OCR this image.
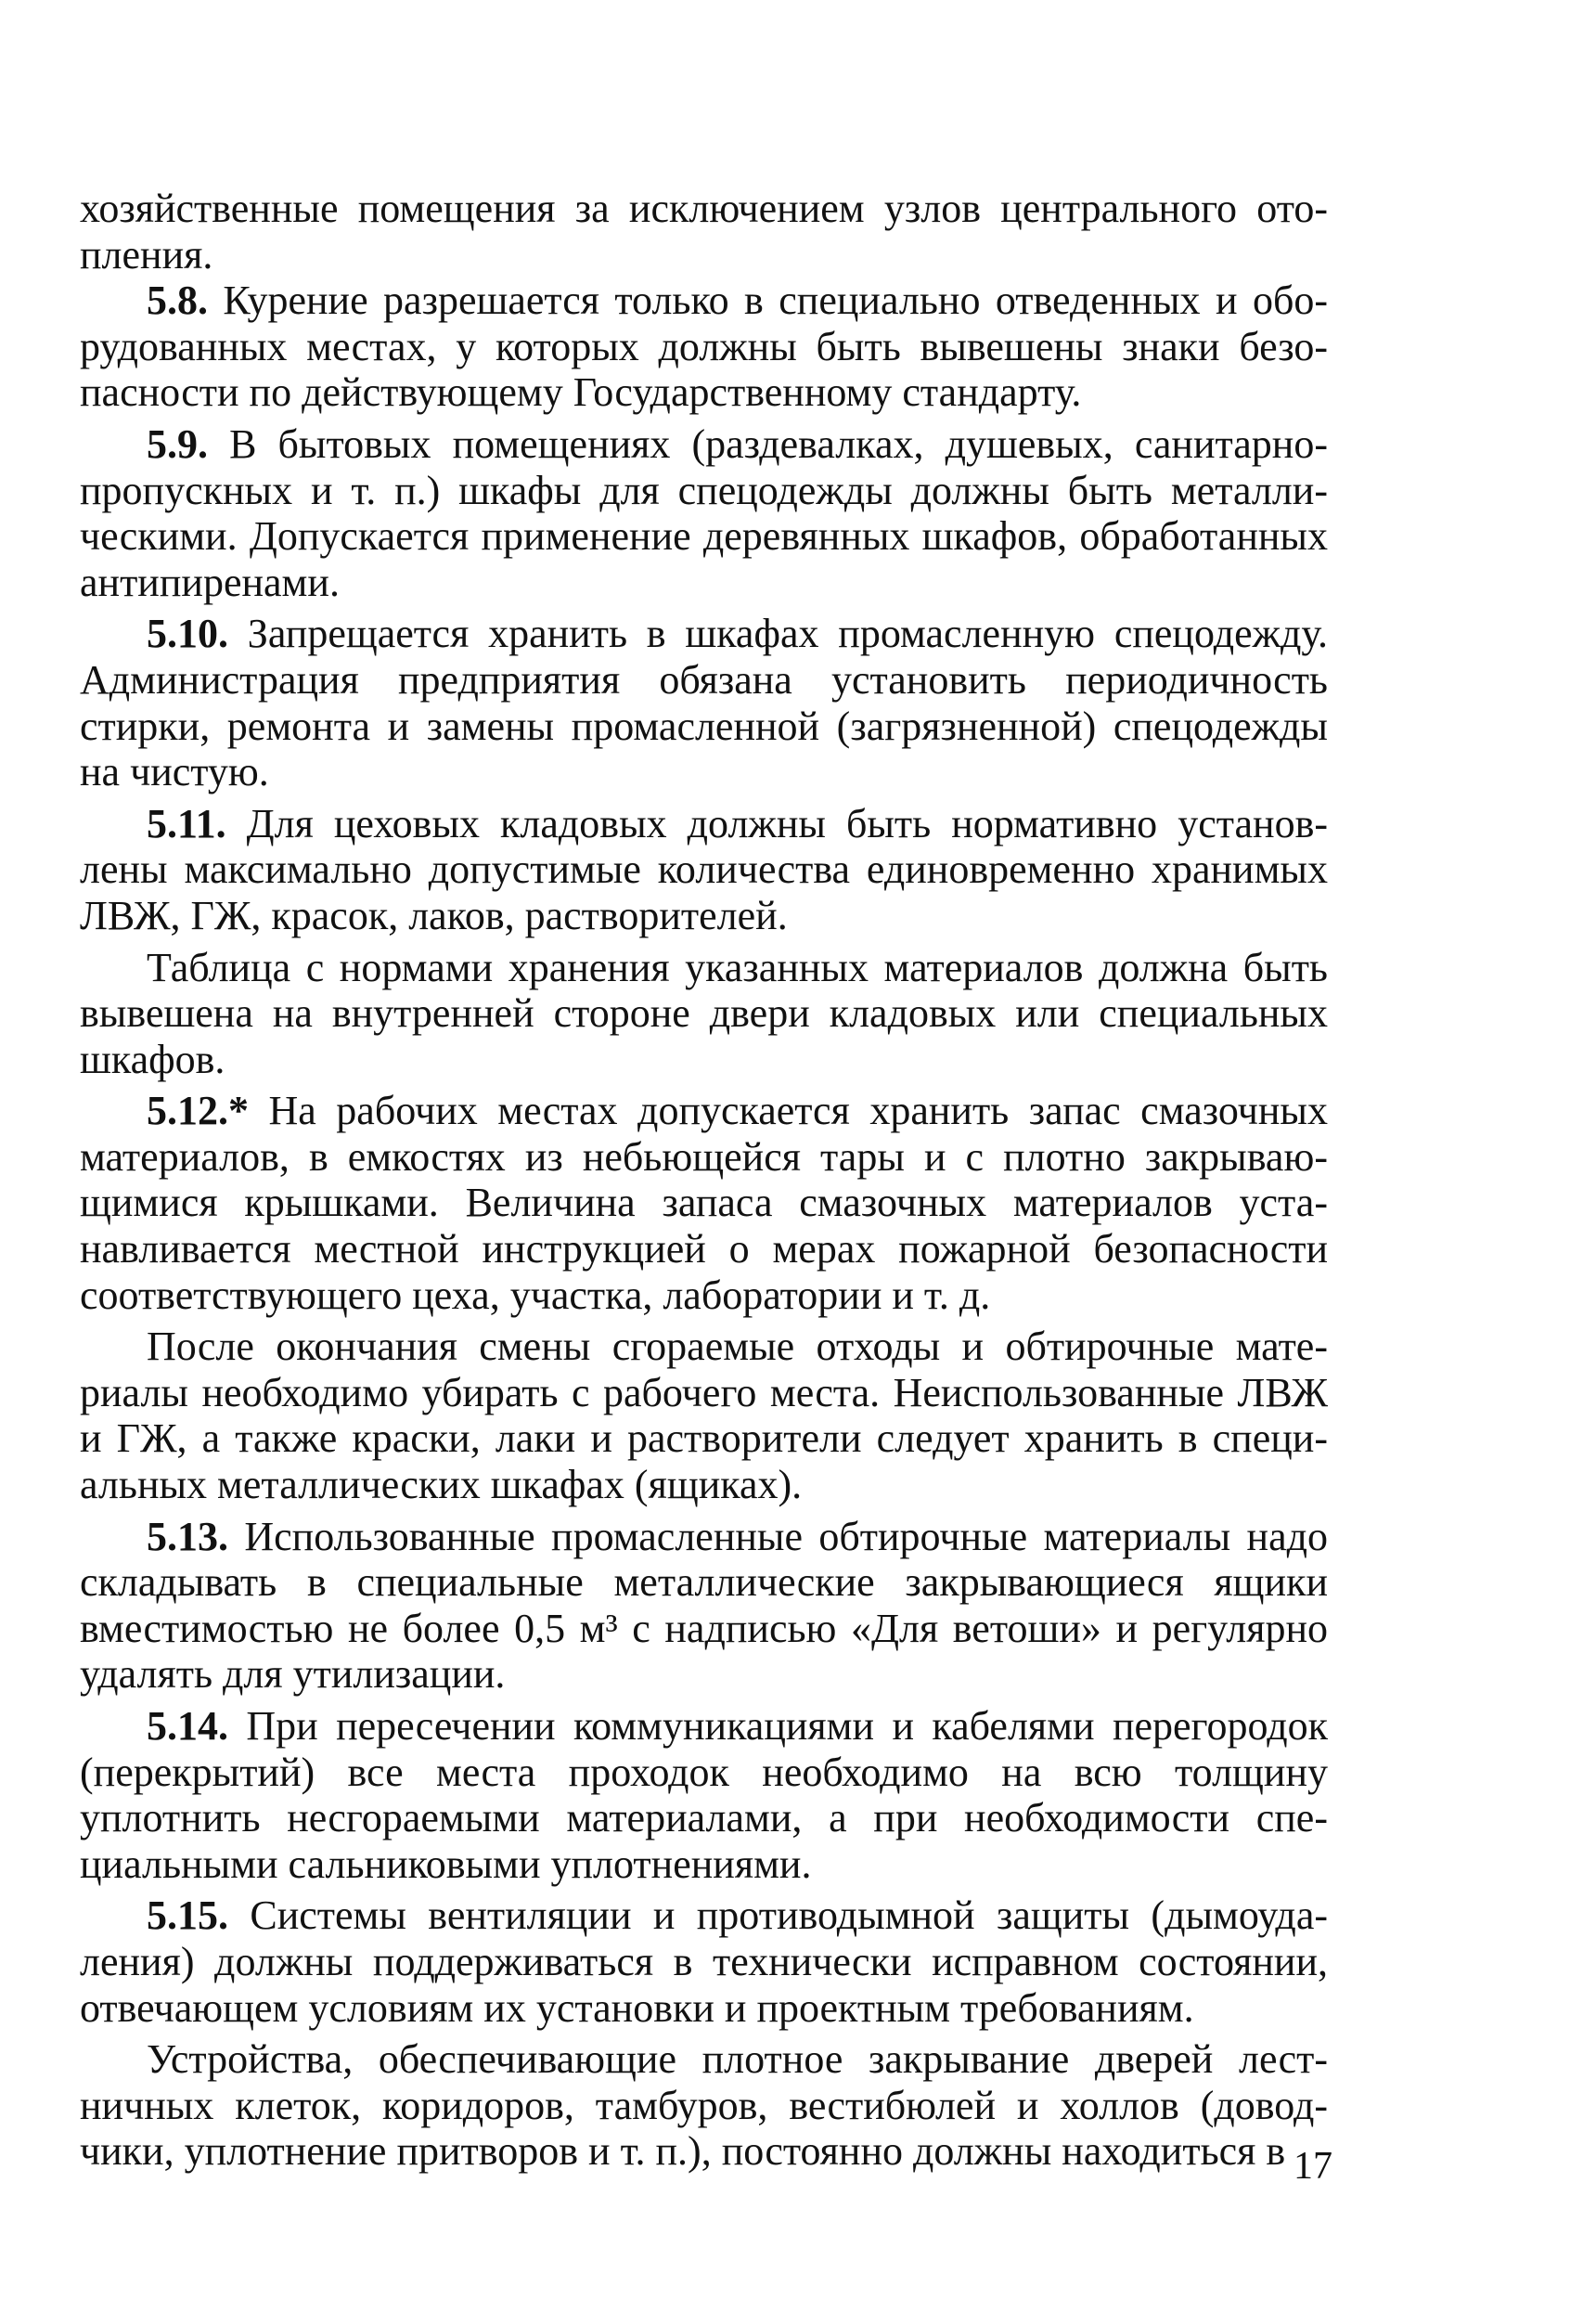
хозяйственные помещения за исключением узлов центрального отопления.

5.8. Курение разрешается только в специально отведенных и оборудованных местах, у которых должны быть вывешены знаки безопасности по действующему Государственному стандарту.

5.9. В бытовых помещениях (раздевалках, душевых, санитарно-пропускных и т. п.) шкафы для спецодежды должны быть металлическими. Допускается применение деревянных шкафов, обработанных антипиренами.

5.10. Запрещается хранить в шкафах промасленную спецодежду. Администрация предприятия обязана установить периодичность стирки, ремонта и замены промасленной (загрязненной) спецодежды на чистую.

5.11. Для цеховых кладовых должны быть нормативно установлены максимально допустимые количества единовременно хранимых ЛВЖ, ГЖ, красок, лаков, растворителей.

Таблица с нормами хранения указанных материалов должна быть вывешена на внутренней стороне двери кладовых или специальных шкафов.

5.12.* На рабочих местах допускается хранить запас смазочных материалов, в емкостях из небьющейся тары и с плотно закрывающимися крышками. Величина запаса смазочных материалов устанавливается местной инструкцией о мерах пожарной безопасности соответствующего цеха, участка, лаборатории и т. д.

После окончания смены сгораемые отходы и обтирочные материалы необходимо убирать с рабочего места. Неиспользованные ЛВЖ и ГЖ, а также краски, лаки и растворители следует хранить в специальных металлических шкафах (ящиках).

5.13. Использованные промасленные обтирочные материалы надо складывать в специальные металлические закрывающиеся ящики вместимостью не более 0,5 м³ с надписью «Для ветоши» и регулярно удалять для утилизации.

5.14. При пересечении коммуникациями и кабелями перегородок (перекрытий) все места проходок необходимо на всю толщину уплотнить несгораемыми материалами, а при необходимости специальными сальниковыми уплотнениями.

5.15. Системы вентиляции и противодымной защиты (дымоудаления) должны поддерживаться в технически исправном состоянии, отвечающем условиям их установки и проектным требованиям.

Устройства, обеспечивающие плотное закрывание дверей лестничных клеток, коридоров, тамбуров, вестибюлей и холлов (доводчики, уплотнение притворов и т. п.), постоянно должны находиться в 17
